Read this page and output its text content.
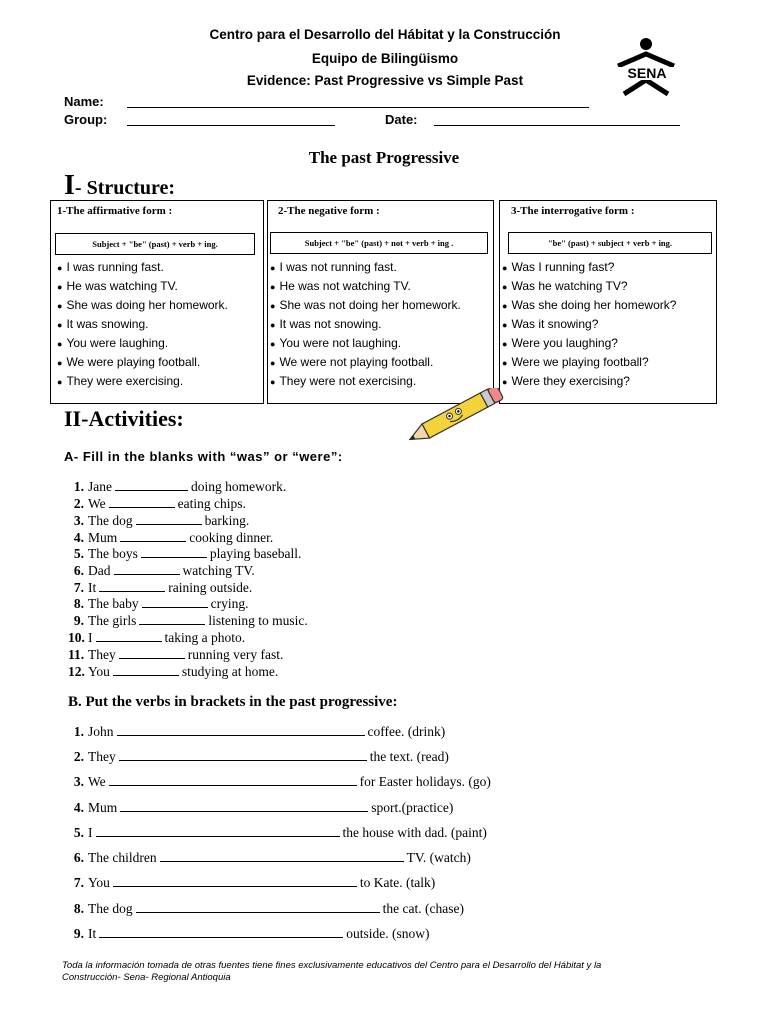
Centro para el Desarrollo del Hábitat y la Construcción
Equipo de Bilingüismo
Evidence: Past Progressive vs Simple Past	SENA
Name:
Group:	Date:
The past Progressive
I- Structure:
1-The affirmative form :
Subject + "be" (past) + verb + ing.
● I was running fast.
● He was watching TV.
● She was doing her homework.
● It was snowing.
● You were laughing.
● We were playing football.
● They were exercising.
2-The negative form :
Subject + "be" (past) + not + verb + ing .
● I was not running fast.
● He was not watching TV.
● She was not doing her homework.
● It was not snowing.
● You were not laughing.
● We were not playing football.
● They were not exercising.
3-The interrogative form :
"be" (past) + subject + verb + ing.
● Was I running fast?
● Was he watching TV?
● Was she doing her homework?
● Was it snowing?
● Were you laughing?
● Were we playing football?
● Were they exercising?
II-Activities:
A- Fill in the blanks with “was” or “were”:
1. Jane	doing homework.
2. We	eating chips.
3. The dog	barking.
4. Mum	cooking dinner.
5. The boys	playing baseball.
6. Dad	watching TV.
7. It	raining outside.
8. The baby	crying.
9. The girls	listening to music.
10. I	taking a photo.
11. They	running very fast.
12. You	studying at home.
B. Put the verbs in brackets in the past progressive:
1. John	coffee. (drink)
2. They	the text. (read)
3. We	for Easter holidays. (go)
4. Mum	sport.(practice)
5. I	the house with dad. (paint)
6. The children	TV. (watch)
7. You	to Kate. (talk)
8. The dog	the cat. (chase)
9. It	outside. (snow)
Toda la información tomada de otras fuentes tiene fines exclusivamente educativos del Centro para el Desarrollo del Hábitat y la
Construcción- Sena- Regional Antioquia
